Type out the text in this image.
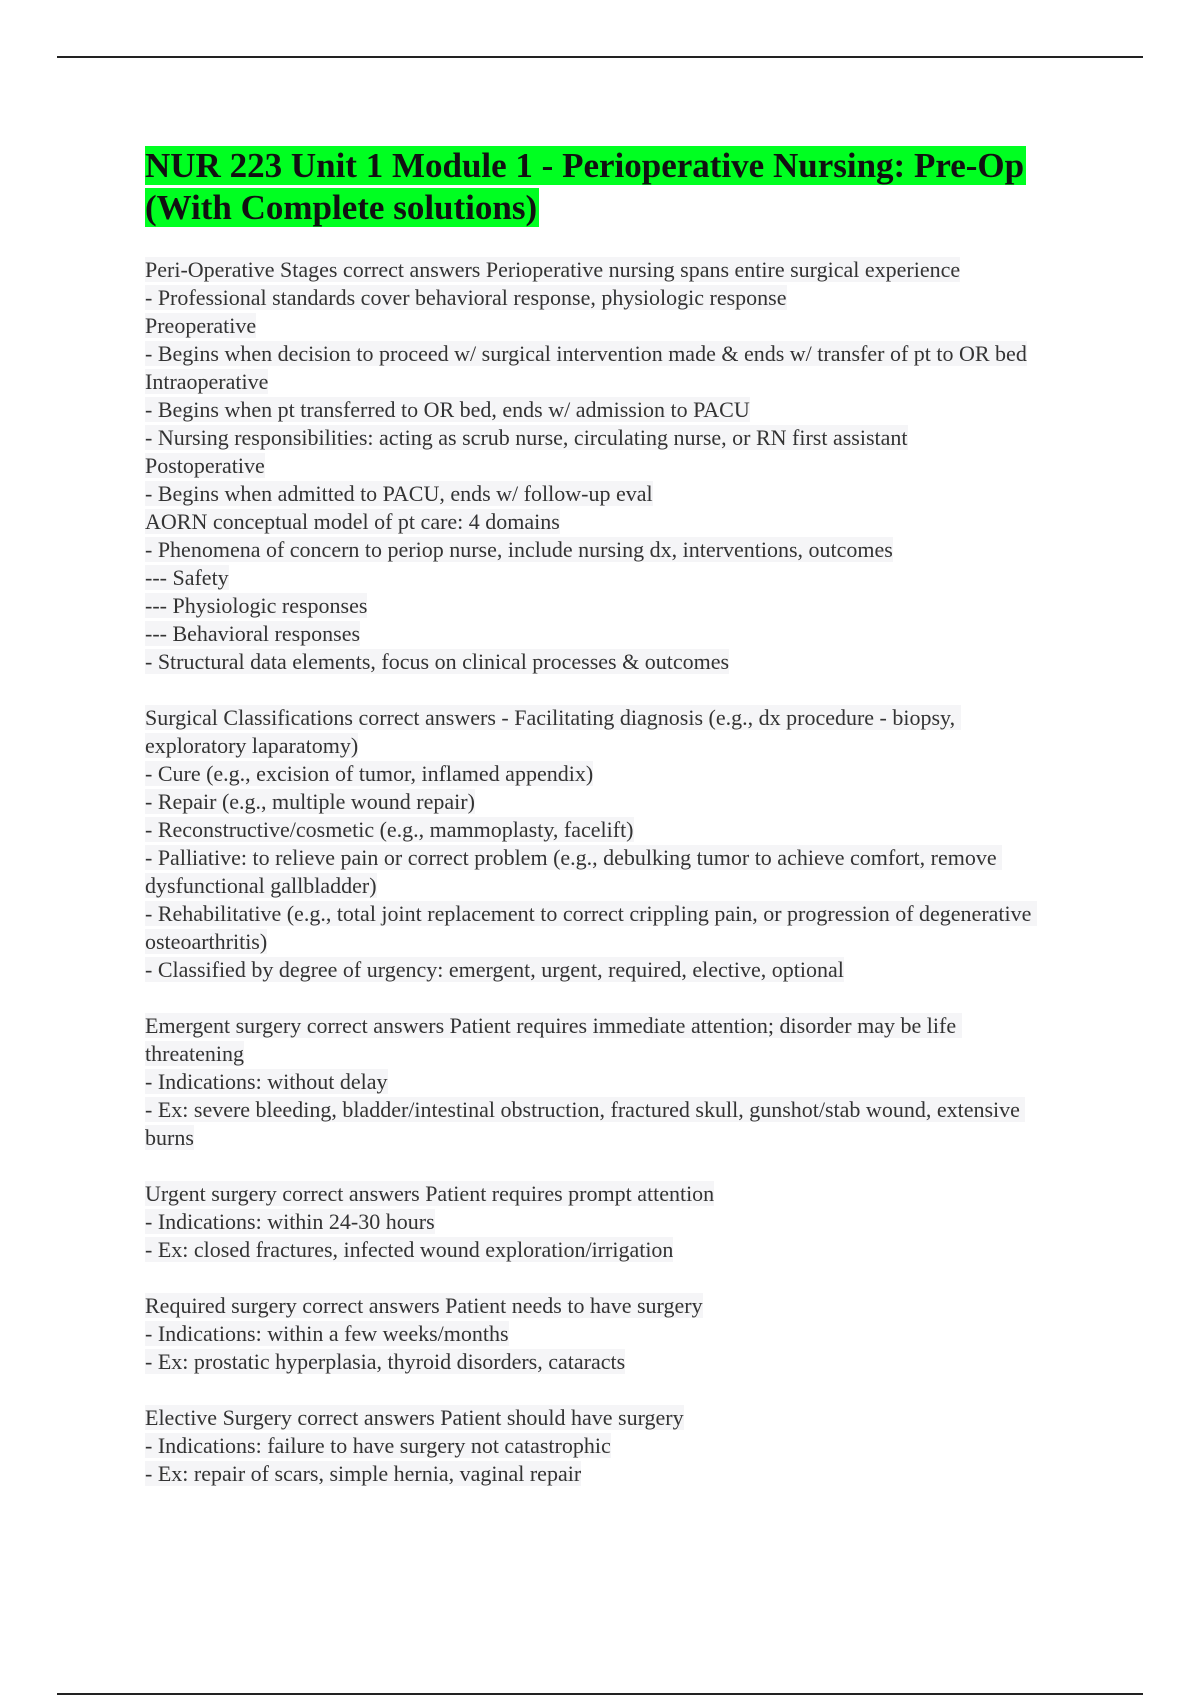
NUR 223 Unit 1 Module 1 - Perioperative Nursing: Pre-Op (With Complete solutions)
Peri-Operative Stages correct answers Perioperative nursing spans entire surgical experience
- Professional standards cover behavioral response, physiologic response
Preoperative
- Begins when decision to proceed w/ surgical intervention made & ends w/ transfer of pt to OR bed
Intraoperative
- Begins when pt transferred to OR bed, ends w/ admission to PACU
- Nursing responsibilities: acting as scrub nurse, circulating nurse, or RN first assistant
Postoperative
- Begins when admitted to PACU, ends w/ follow-up eval
AORN conceptual model of pt care: 4 domains
- Phenomena of concern to periop nurse, include nursing dx, interventions, outcomes
--- Safety
--- Physiologic responses
--- Behavioral responses
- Structural data elements, focus on clinical processes & outcomes
Surgical Classifications correct answers - Facilitating diagnosis (e.g., dx procedure - biopsy, exploratory laparatomy)
- Cure (e.g., excision of tumor, inflamed appendix)
- Repair (e.g., multiple wound repair)
- Reconstructive/cosmetic (e.g., mammoplasty, facelift)
- Palliative: to relieve pain or correct problem (e.g., debulking tumor to achieve comfort, remove dysfunctional gallbladder)
- Rehabilitative (e.g., total joint replacement to correct crippling pain, or progression of degenerative osteoarthritis)
- Classified by degree of urgency: emergent, urgent, required, elective, optional
Emergent surgery correct answers Patient requires immediate attention; disorder may be life threatening
- Indications: without delay
- Ex: severe bleeding, bladder/intestinal obstruction, fractured skull, gunshot/stab wound, extensive burns
Urgent surgery correct answers Patient requires prompt attention
- Indications: within 24-30 hours
- Ex: closed fractures, infected wound exploration/irrigation
Required surgery correct answers Patient needs to have surgery
- Indications: within a few weeks/months
- Ex: prostatic hyperplasia, thyroid disorders, cataracts
Elective Surgery correct answers Patient should have surgery
- Indications: failure to have surgery not catastrophic
- Ex: repair of scars, simple hernia, vaginal repair
